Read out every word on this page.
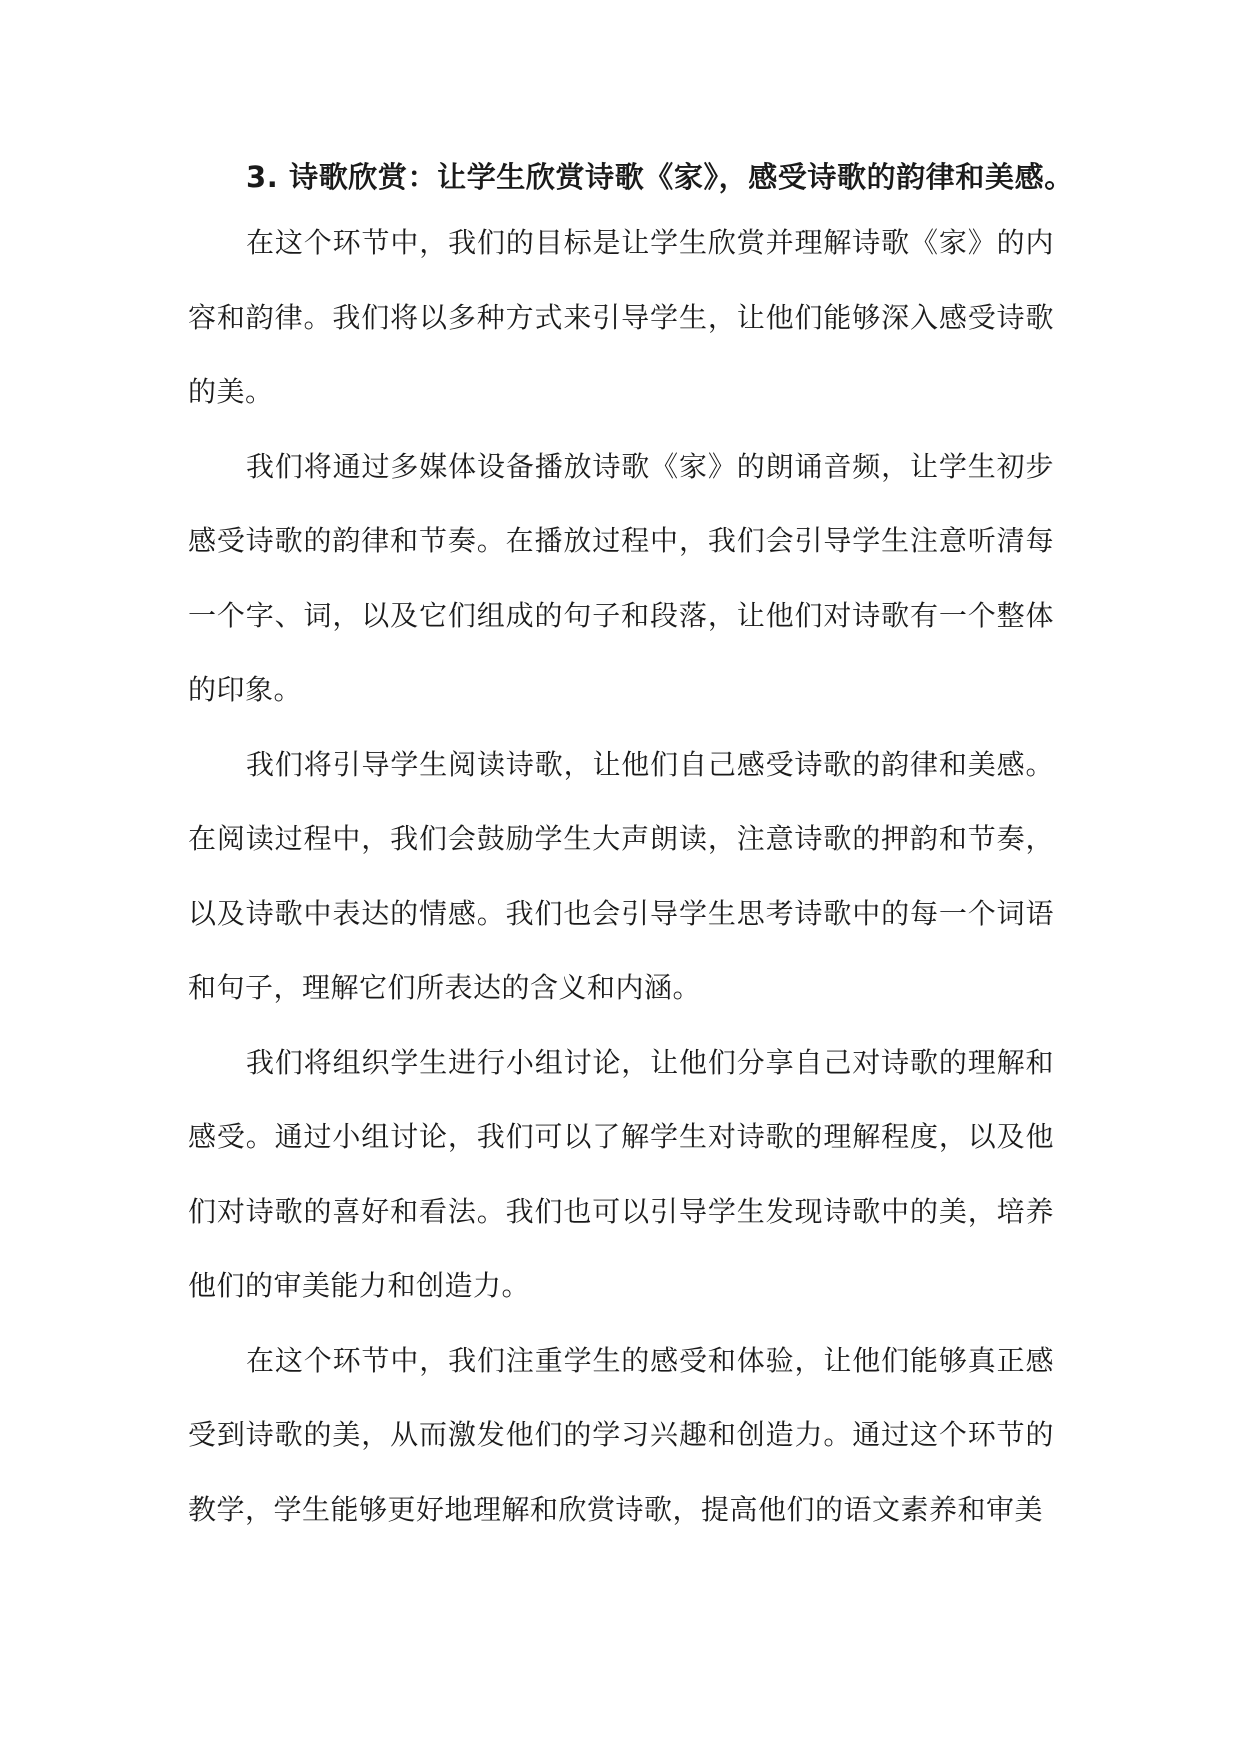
3. 诗歌欣赏：让学生欣赏诗歌《家》，感受诗歌的韵律和美感。

在这个环节中，我们的目标是让学生欣赏并理解诗歌《家》的内容和韵律。我们将以多种方式来引导学生，让他们能够深入感受诗歌的美。

我们将通过多媒体设备播放诗歌《家》的朗诵音频，让学生初步感受诗歌的韵律和节奏。在播放过程中，我们会引导学生注意听清每一个字、词，以及它们组成的句子和段落，让他们对诗歌有一个整体的印象。

我们将引导学生阅读诗歌，让他们自己感受诗歌的韵律和美感。在阅读过程中，我们会鼓励学生大声朗读，注意诗歌的押韵和节奏，以及诗歌中表达的情感。我们也会引导学生思考诗歌中的每一个词语和句子，理解它们所表达的含义和内涵。

我们将组织学生进行小组讨论，让他们分享自己对诗歌的理解和感受。通过小组讨论，我们可以了解学生对诗歌的理解程度，以及他们对诗歌的喜好和看法。我们也可以引导学生发现诗歌中的美，培养他们的审美能力和创造力。

在这个环节中，我们注重学生的感受和体验，让他们能够真正感受到诗歌的美，从而激发他们的学习兴趣和创造力。通过这个环节的教学，学生能够更好地理解和欣赏诗歌，提高他们的语文素养和审美
